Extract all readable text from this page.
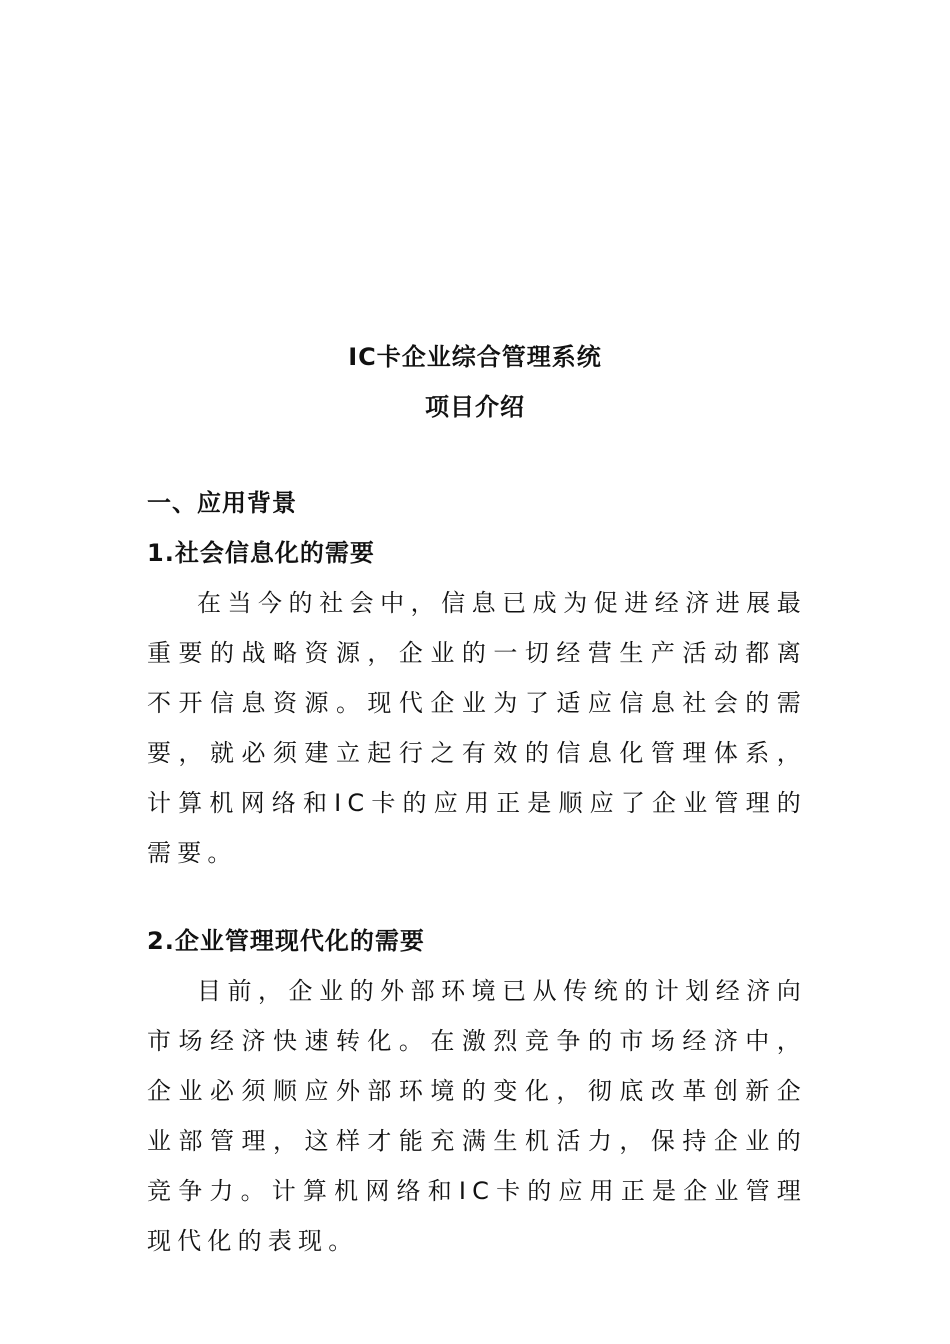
IC卡企业综合管理系统
项目介绍
一、应用背景
1.社会信息化的需要

在当今的社会中，信息已成为促进经济进展最重要的战略资源，企业的一切经营生产活动都离不开信息资源。现代企业为了适应信息社会的需要，就必须建立起行之有效的信息化管理体系，计算机网络和IC卡的应用正是顺应了企业管理的需要。

2.企业管理现代化的需要

目前，企业的外部环境已从传统的计划经济向市场经济快速转化。在激烈竞争的市场经济中，企业必须顺应外部环境的变化，彻底改革创新企业部管理，这样才能充满生机活力，保持企业的竞争力。计算机网络和IC卡的应用正是企业管理现代化的表现。
